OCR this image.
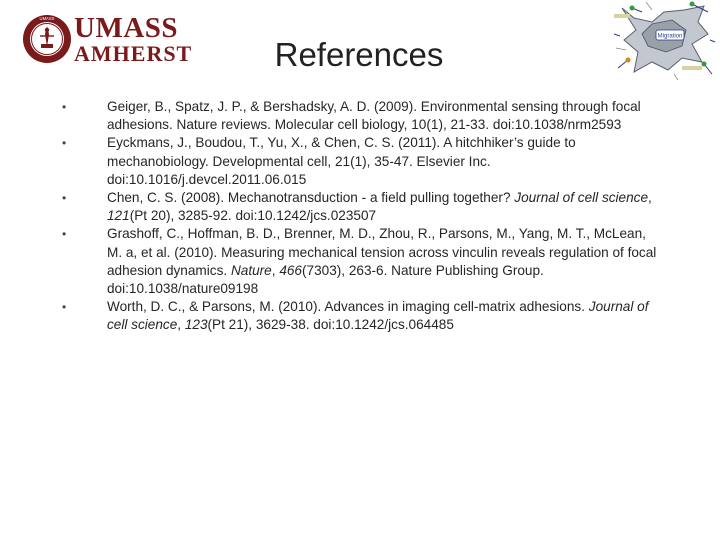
UMASS UMASS
AMHERST
Migration
References
•	Geiger, B., Spatz, J. P., & Bershadsky, A. D. (2009). Environmental sensing through focal adhesions. Nature reviews. Molecular cell biology, 10(1), 21-33. doi:10.1038/nrm2593
•	Eyckmans, J., Boudou, T., Yu, X., & Chen, C. S. (2011). A hitchhiker’s guide to mechanobiology. Developmental cell, 21(1), 35-47. Elsevier Inc. doi:10.1016/j.devcel.2011.06.015
•	Chen, C. S. (2008). Mechanotransduction - a field pulling together? Journal of cell science, 121(Pt 20), 3285-92. doi:10.1242/jcs.023507
•	Grashoff, C., Hoffman, B. D., Brenner, M. D., Zhou, R., Parsons, M., Yang, M. T., McLean, M. a, et al. (2010). Measuring mechanical tension across vinculin reveals regulation of focal adhesion dynamics. Nature, 466(7303), 263-6. Nature Publishing Group. doi:10.1038/nature09198
•	Worth, D. C., & Parsons, M. (2010). Advances in imaging cell-matrix adhesions. Journal of cell science, 123(Pt 21), 3629-38. doi:10.1242/jcs.064485
